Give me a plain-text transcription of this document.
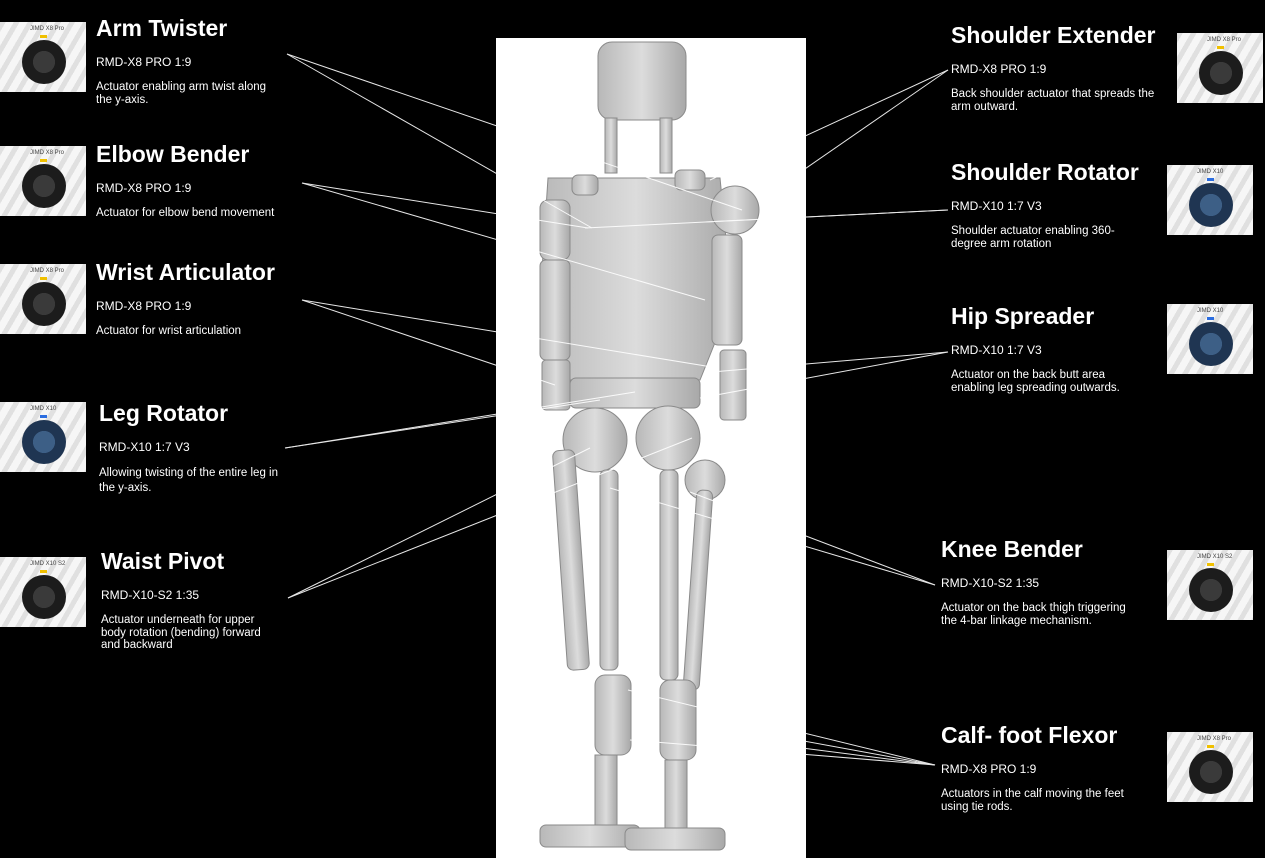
JIMD X8 Pro Arm Twister
RMD-X8 PRO 1:9
Actuator enabling arm twist along the y-axis.
JIMD X8 Pro Elbow Bender
RMD-X8 PRO 1:9
Actuator for elbow bend movement
JIMD X8 Pro Wrist Articulator
RMD-X8 PRO 1:9
Actuator for wrist articulation
JIMD X10 Leg Rotator
RMD-X10 1:7 V3
Allowing twisting of the entire leg in the y-axis.
JIMD X10 S2 Waist Pivot
RMD-X10-S2 1:35
Actuator underneath for upper body rotation (bending) forward and backward
Shoulder Extender
RMD-X8 PRO 1:9
Back shoulder actuator that spreads the arm outward.
JIMD X8 Pro
Shoulder Rotator
RMD-X10 1:7 V3
Shoulder actuator enabling 360-degree arm rotation
JIMD X10
Hip Spreader
RMD-X10 1:7 V3
Actuator on the back butt area enabling leg spreading outwards.
JIMD X10
Knee Bender
RMD-X10-S2 1:35
Actuator on the back thigh triggering the 4-bar linkage mechanism.
JIMD X10 S2
Calf- foot Flexor
RMD-X8 PRO 1:9
Actuators in the calf moving the feet using tie rods.
JIMD X8 Pro
